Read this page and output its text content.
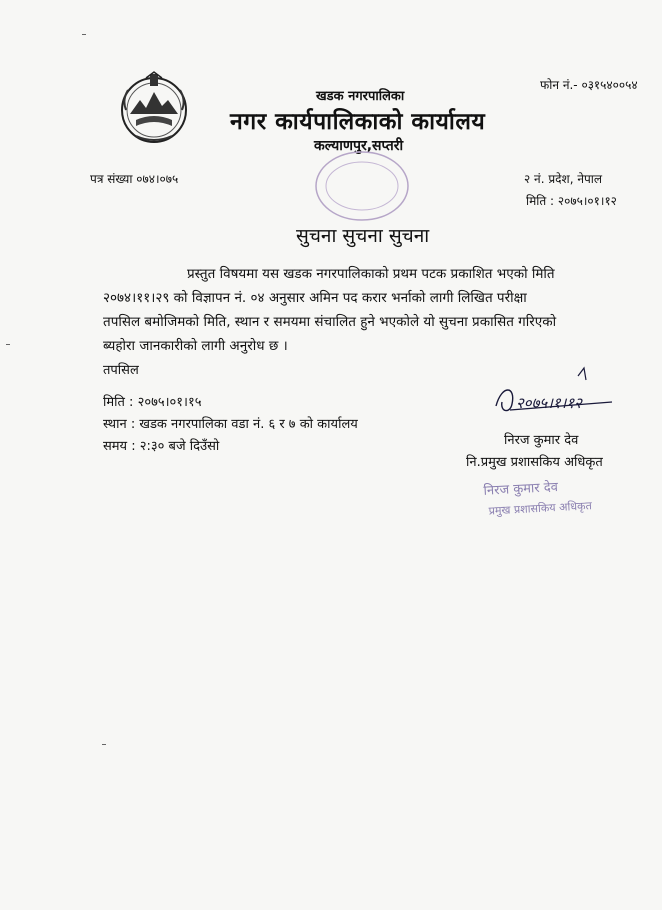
खडक नगरपालिका
नगर कार्यपालिकाको कार्यालय
कल्याणपुर,सप्तरी
फोन नं.- ०३१५४००५४
पत्र संख्या ०७४।०७५	२ नं. प्रदेश, नेपाल
मिति : २०७५।०१।१२
सुचना सुचना सुचना
प्रस्तुत विषयमा यस खडक नगरपालिकाको प्रथम पटक प्रकाशित भएको मिति
२०७४।११।२९ को विज्ञापन नं. ०४ अनुसार अमिन पद करार भर्नाको लागी लिखित परीक्षा
तपसिल बमोजिमको मिति, स्थान र समयमा संचालित हुने भएकोले यो सुचना प्रकासित गरिएको
ब्यहोरा जानकारीको लागी अनुरोध छ ।
तपसिल
मिति : २०७५।०१।१५
स्थान : खडक नगरपालिका वडा नं. ६ र ७ को कार्यालय
समय : २:३० बजे दिउँसो
२०७५।१।१२
निरज कुमार देव
नि.प्रमुख प्रशासकिय अधिकृत
निरज कुमार देव
प्रमुख प्रशासकिय अधिकृत
